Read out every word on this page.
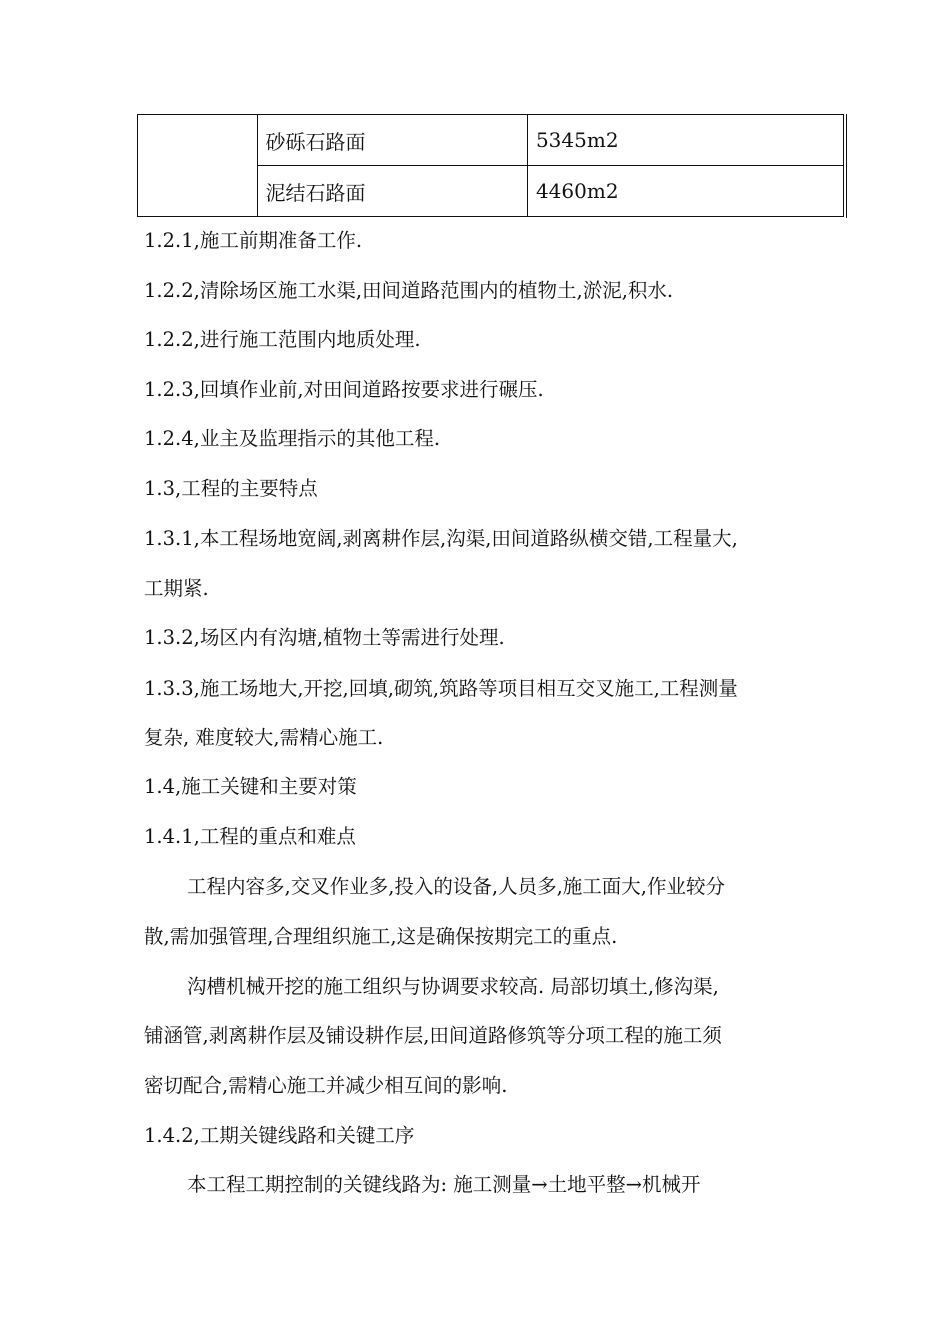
	砂砾石路面	5345m2
	泥结石路面	4460m2
1.2.1,施工前期准备工作.
1.2.2,清除场区施工水渠,田间道路范围内的植物土,淤泥,积水.
1.2.2,进行施工范围内地质处理.
1.2.3,回填作业前,对田间道路按要求进行碾压.
1.2.4,业主及监理指示的其他工程.
1.3,工程的主要特点
1.3.1,本工程场地宽阔,剥离耕作层,沟渠,田间道路纵横交错,工程量大,
工期紧.
1.3.2,场区内有沟塘,植物土等需进行处理.
1.3.3,施工场地大,开挖,回填,砌筑,筑路等项目相互交叉施工,工程测量
复杂, 难度较大,需精心施工.
1.4,施工关键和主要对策
1.4.1,工程的重点和难点
工程内容多,交叉作业多,投入的设备,人员多,施工面大,作业较分
散,需加强管理,合理组织施工,这是确保按期完工的重点.
沟槽机械开挖的施工组织与协调要求较高. 局部切填土,修沟渠,
铺涵管,剥离耕作层及铺设耕作层,田间道路修筑等分项工程的施工须
密切配合,需精心施工并减少相互间的影响.
1.4.2,工期关键线路和关键工序
本工程工期控制的关键线路为: 施工测量→土地平整→机械开
